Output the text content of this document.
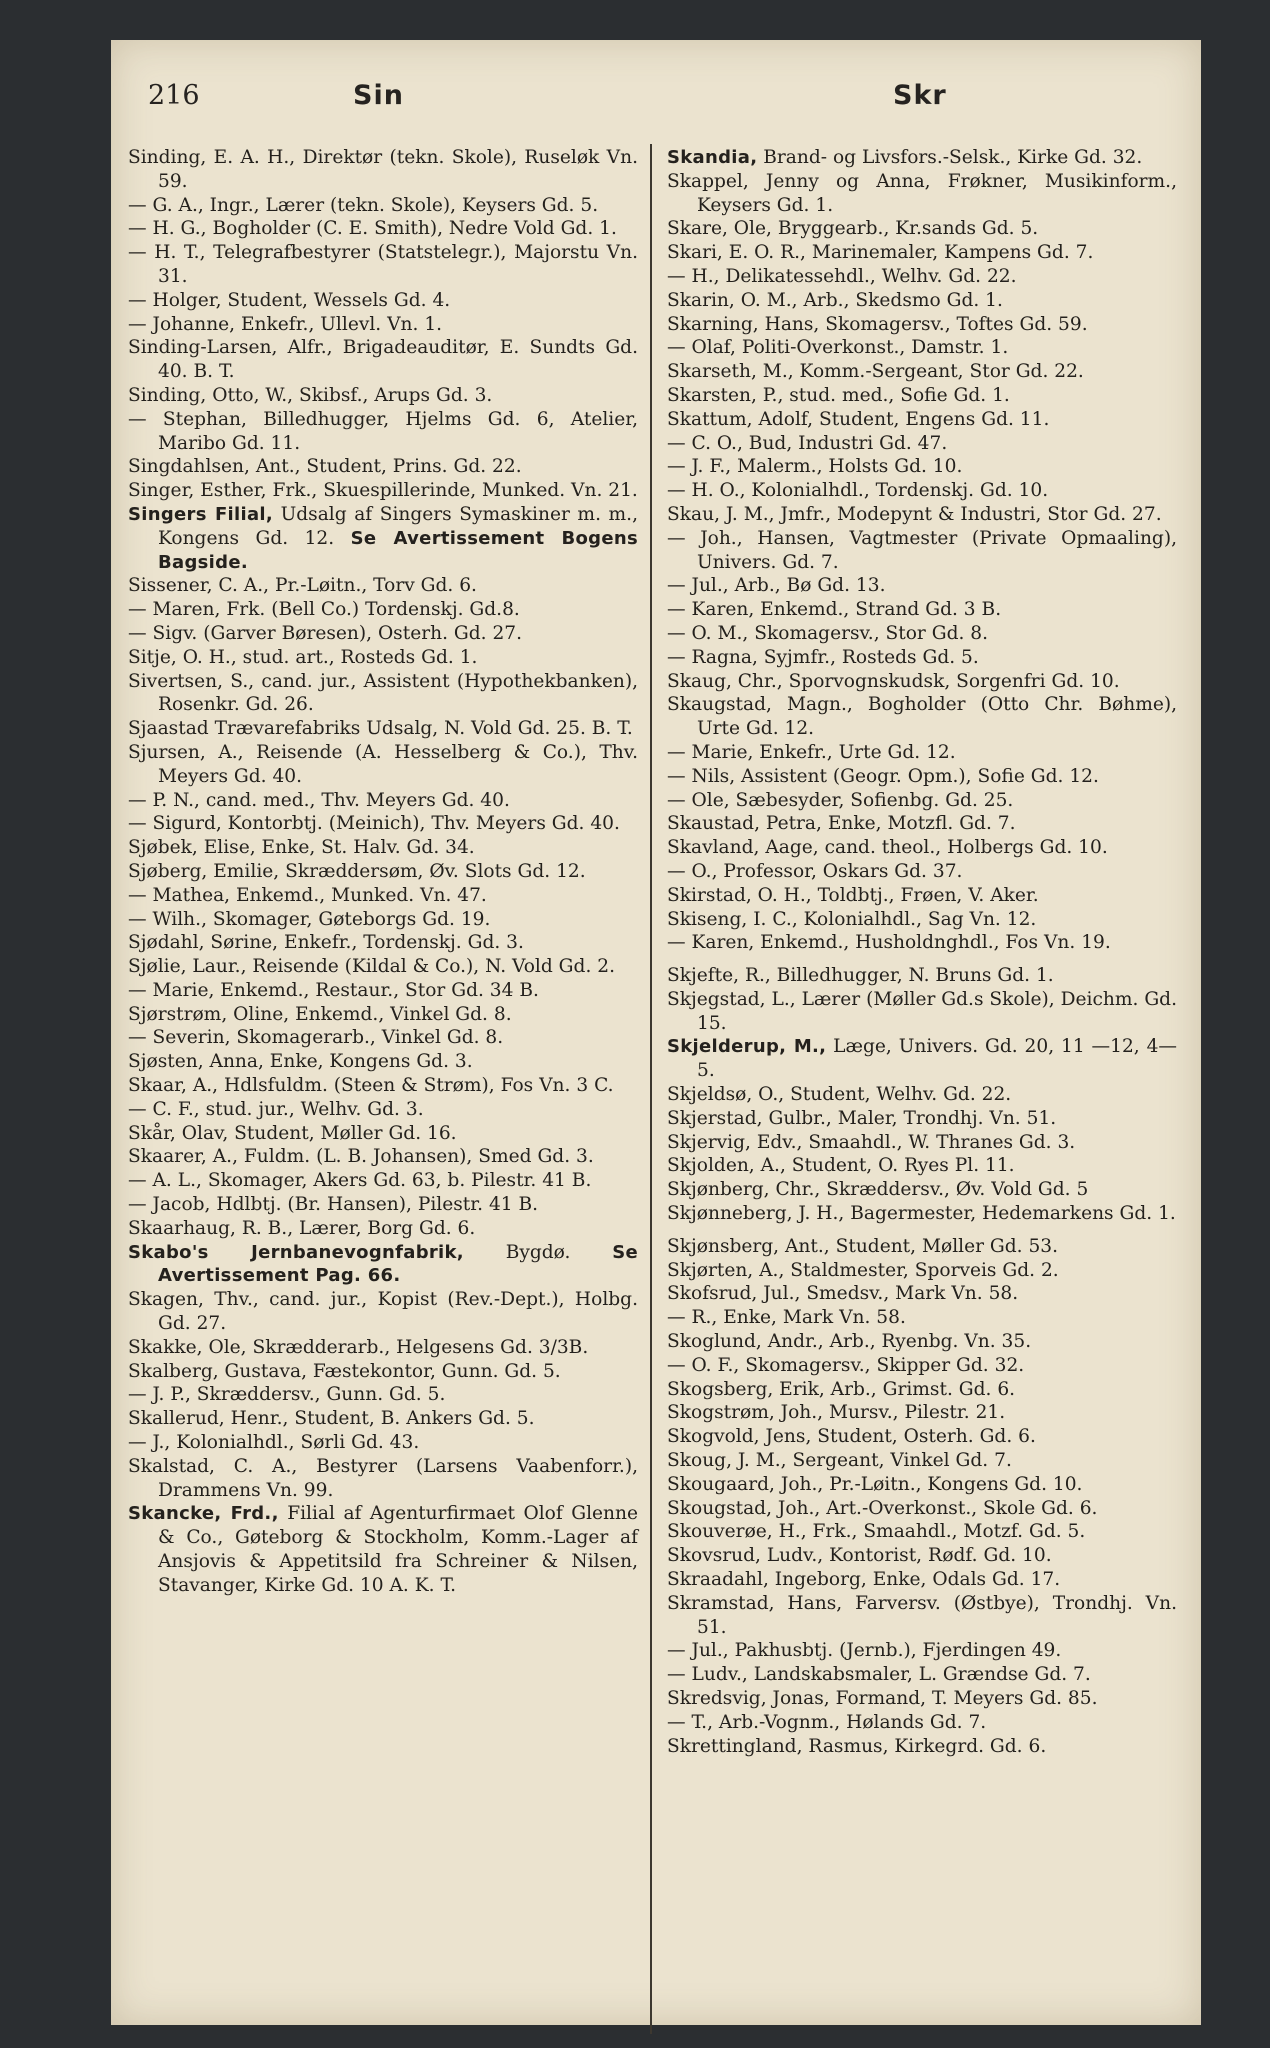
216	Sin	Skr

Sinding, E. A. H., Direktør (tekn. Skole), Ruseløk Vn. 59.

— G. A., Ingr., Lærer (tekn. Skole), Keysers Gd. 5.

— H. G., Bogholder (C. E. Smith), Nedre Vold Gd. 1.

— H. T., Telegrafbestyrer (Statstelegr.), Majorstu Vn. 31.

— Holger, Student, Wessels Gd. 4.

— Johanne, Enkefr., Ullevl. Vn. 1.

Sinding-Larsen, Alfr., Brigadeauditør, E. Sundts Gd. 40. B. T.

Sinding, Otto, W., Skibsf., Arups Gd. 3.

— Stephan, Billedhugger, Hjelms Gd. 6, Atelier, Maribo Gd. 11.

Singdahlsen, Ant., Student, Prins. Gd. 22.

Singer, Esther, Frk., Skuespillerinde, Munked. Vn. 21.

Singers Filial, Udsalg af Singers Symaskiner m. m., Kongens Gd. 12. Se Avertissement Bogens Bagside.

Sissener, C. A., Pr.-Løitn., Torv Gd. 6.

— Maren, Frk. (Bell Co.) Tordenskj. Gd.8.

— Sigv. (Garver Børesen), Osterh. Gd. 27.

Sitje, O. H., stud. art., Rosteds Gd. 1.

Sivertsen, S., cand. jur., Assistent (Hypothekbanken), Rosenkr. Gd. 26.

Sjaastad Trævarefabriks Udsalg, N. Vold Gd. 25. B. T.

Sjursen, A., Reisende (A. Hesselberg & Co.), Thv. Meyers Gd. 40.

— P. N., cand. med., Thv. Meyers Gd. 40.

— Sigurd, Kontorbtj. (Meinich), Thv. Meyers Gd. 40.

Sjøbek, Elise, Enke, St. Halv. Gd. 34.

Sjøberg, Emilie, Skræddersøm, Øv. Slots Gd. 12.

— Mathea, Enkemd., Munked. Vn. 47.

— Wilh., Skomager, Gøteborgs Gd. 19.

Sjødahl, Sørine, Enkefr., Tordenskj. Gd. 3.

Sjølie, Laur., Reisende (Kildal & Co.), N. Vold Gd. 2.

— Marie, Enkemd., Restaur., Stor Gd. 34 B.

Sjørstrøm, Oline, Enkemd., Vinkel Gd. 8.

— Severin, Skomagerarb., Vinkel Gd. 8.

Sjøsten, Anna, Enke, Kongens Gd. 3.

Skaar, A., Hdlsfuldm. (Steen & Strøm), Fos Vn. 3 C.

— C. F., stud. jur., Welhv. Gd. 3.

Skår, Olav, Student, Møller Gd. 16.

Skaarer, A., Fuldm. (L. B. Johansen), Smed Gd. 3.

— A. L., Skomager, Akers Gd. 63, b. Pilestr. 41 B.

— Jacob, Hdlbtj. (Br. Hansen), Pilestr. 41 B.

Skaarhaug, R. B., Lærer, Borg Gd. 6.

Skabo's Jernbanevognfabrik, Bygdø. Se Avertissement Pag. 66.

Skagen, Thv., cand. jur., Kopist (Rev.-Dept.), Holbg. Gd. 27.

Skakke, Ole, Skrædderarb., Helgesens Gd. 3/3B.

Skalberg, Gustava, Fæstekontor, Gunn. Gd. 5.

— J. P., Skræddersv., Gunn. Gd. 5.

Skallerud, Henr., Student, B. Ankers Gd. 5.

— J., Kolonialhdl., Sørli Gd. 43.

Skalstad, C. A., Bestyrer (Larsens Vaabenforr.), Drammens Vn. 99.

Skancke, Frd., Filial af Agenturfirmaet Olof Glenne & Co., Gøteborg & Stockholm, Komm.-Lager af Ansjovis & Appetitsild fra Schreiner & Nilsen, Stavanger, Kirke Gd. 10 A. K. T.

Skandia, Brand- og Livsfors.-Selsk., Kirke Gd. 32.

Skappel, Jenny og Anna, Frøkner, Musikinform., Keysers Gd. 1.

Skare, Ole, Bryggearb., Kr.sands Gd. 5.

Skari, E. O. R., Marinemaler, Kampens Gd. 7.

— H., Delikatessehdl., Welhv. Gd. 22.

Skarin, O. M., Arb., Skedsmo Gd. 1.

Skarning, Hans, Skomagersv., Toftes Gd. 59.

— Olaf, Politi-Overkonst., Damstr. 1.

Skarseth, M., Komm.-Sergeant, Stor Gd. 22.

Skarsten, P., stud. med., Sofie Gd. 1.

Skattum, Adolf, Student, Engens Gd. 11.

— C. O., Bud, Industri Gd. 47.

— J. F., Malerm., Holsts Gd. 10.

— H. O., Kolonialhdl., Tordenskj. Gd. 10.

Skau, J. M., Jmfr., Modepynt & Industri, Stor Gd. 27.

— Joh., Hansen, Vagtmester (Private Opmaaling), Univers. Gd. 7.

— Jul., Arb., Bø Gd. 13.

— Karen, Enkemd., Strand Gd. 3 B.

— O. M., Skomagersv., Stor Gd. 8.

— Ragna, Syjmfr., Rosteds Gd. 5.

Skaug, Chr., Sporvognskudsk, Sorgenfri Gd. 10.

Skaugstad, Magn., Bogholder (Otto Chr. Bøhme), Urte Gd. 12.

— Marie, Enkefr., Urte Gd. 12.

— Nils, Assistent (Geogr. Opm.), Sofie Gd. 12.

— Ole, Sæbesyder, Sofienbg. Gd. 25.

Skaustad, Petra, Enke, Motzfl. Gd. 7.

Skavland, Aage, cand. theol., Holbergs Gd. 10.

— O., Professor, Oskars Gd. 37.

Skirstad, O. H., Toldbtj., Frøen, V. Aker.

Skiseng, I. C., Kolonialhdl., Sag Vn. 12.

— Karen, Enkemd., Husholdnghdl., Fos Vn. 19.

Skjefte, R., Billedhugger, N. Bruns Gd. 1.

Skjegstad, L., Lærer (Møller Gd.s Skole), Deichm. Gd. 15.

Skjelderup, M., Læge, Univers. Gd. 20, 11 —12, 4—5.

Skjeldsø, O., Student, Welhv. Gd. 22.

Skjerstad, Gulbr., Maler, Trondhj. Vn. 51.

Skjervig, Edv., Smaahdl., W. Thranes Gd. 3.

Skjolden, A., Student, O. Ryes Pl. 11.

Skjønberg, Chr., Skræddersv., Øv. Vold Gd. 5

Skjønneberg, J. H., Bagermester, Hedemarkens Gd. 1.

Skjønsberg, Ant., Student, Møller Gd. 53.

Skjørten, A., Staldmester, Sporveis Gd. 2.

Skofsrud, Jul., Smedsv., Mark Vn. 58.

— R., Enke, Mark Vn. 58.

Skoglund, Andr., Arb., Ryenbg. Vn. 35.

— O. F., Skomagersv., Skipper Gd. 32.

Skogsberg, Erik, Arb., Grimst. Gd. 6.

Skogstrøm, Joh., Mursv., Pilestr. 21.

Skogvold, Jens, Student, Osterh. Gd. 6.

Skoug, J. M., Sergeant, Vinkel Gd. 7.

Skougaard, Joh., Pr.-Løitn., Kongens Gd. 10.

Skougstad, Joh., Art.-Overkonst., Skole Gd. 6.

Skouverøe, H., Frk., Smaahdl., Motzf. Gd. 5.

Skovsrud, Ludv., Kontorist, Rødf. Gd. 10.

Skraadahl, Ingeborg, Enke, Odals Gd. 17.

Skramstad, Hans, Farversv. (Østbye), Trondhj. Vn. 51.

— Jul., Pakhusbtj. (Jernb.), Fjerdingen 49.

— Ludv., Landskabsmaler, L. Grændse Gd. 7.

Skredsvig, Jonas, Formand, T. Meyers Gd. 85.

— T., Arb.-Vognm., Hølands Gd. 7.

Skrettingland, Rasmus, Kirkegrd. Gd. 6.
